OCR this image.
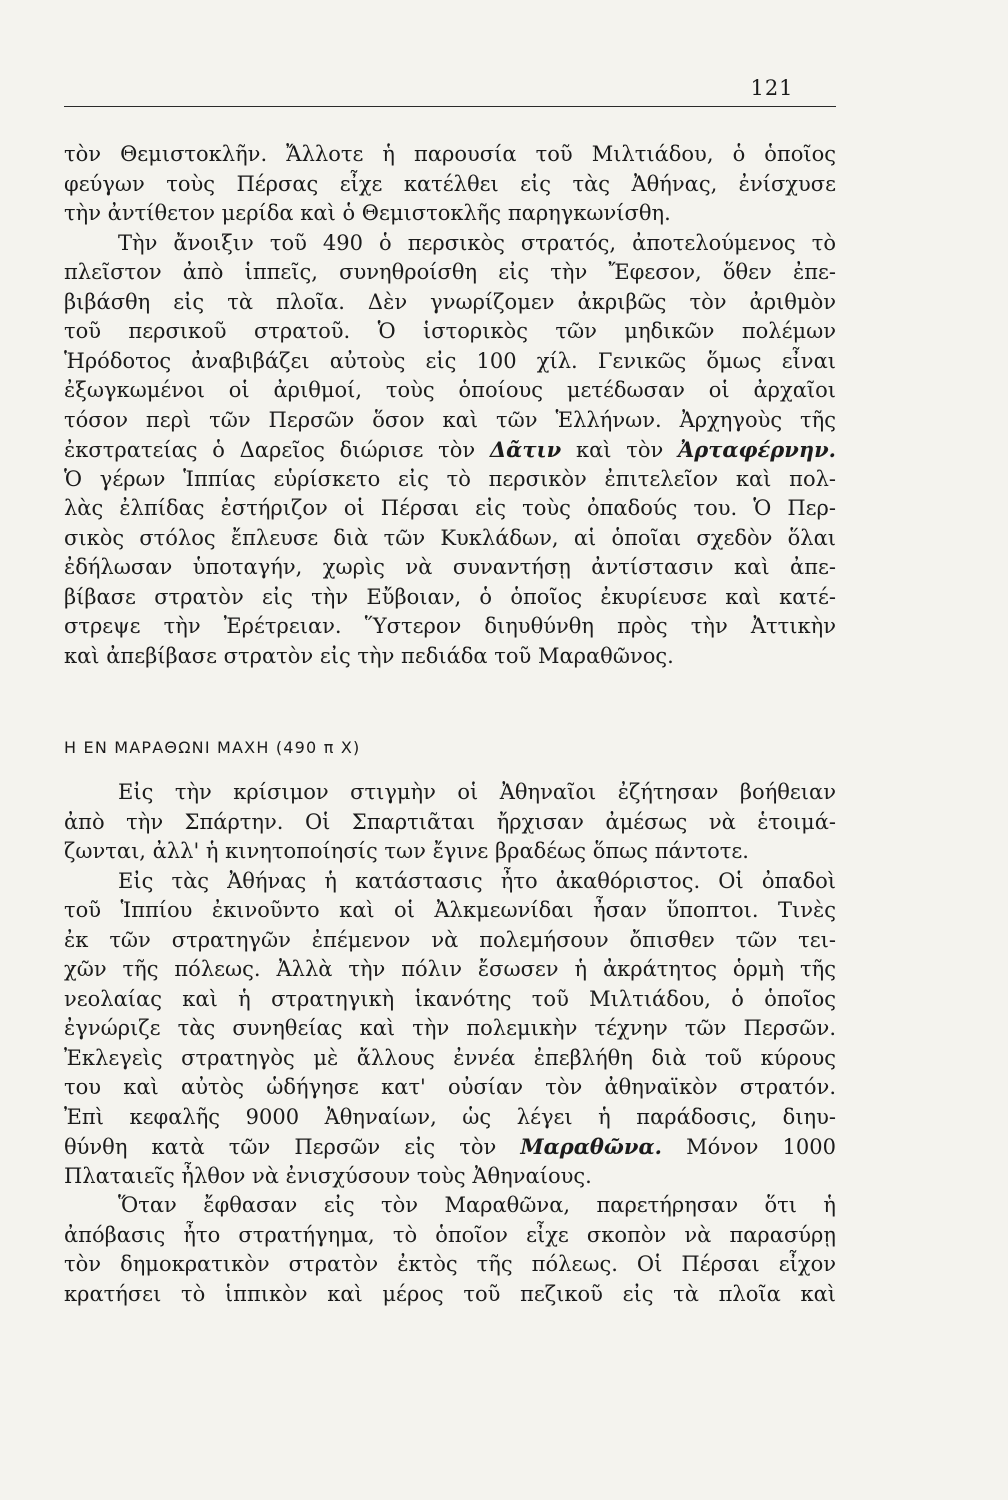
121
τὸν Θεμιστοκλῆν. Ἄλλοτε ἡ παρουσία τοῦ Μιλτιάδου, ὁ ὁποῖος
φεύγων τοὺς Πέρσας εἶχε κατέλθει εἰς τὰς Ἀθήνας, ἐνίσχυσε
τὴν ἀντίθετον μερίδα καὶ ὁ Θεμιστοκλῆς παρηγκωνίσθη.
Τὴν ἄνοιξιν τοῦ 490 ὁ περσικὸς στρατός, ἀποτελούμενος τὸ
πλεῖστον ἀπὸ ἱππεῖς, συνηθροίσθη εἰς τὴν Ἔφεσον, ὅθεν ἐπε-
βιβάσθη εἰς τὰ πλοῖα. Δὲν γνωρίζομεν ἀκριβῶς τὸν ἀριθμὸν
τοῦ περσικοῦ στρατοῦ. Ὁ ἱστορικὸς τῶν μηδικῶν πολέμων
Ἡρόδοτος ἀναβιβάζει αὐτοὺς εἰς 100 χίλ. Γενικῶς ὅμως εἶναι
ἐξωγκωμένοι οἱ ἀριθμοί, τοὺς ὁποίους μετέδωσαν οἱ ἀρχαῖοι
τόσον περὶ τῶν Περσῶν ὅσον καὶ τῶν Ἑλλήνων. Ἀρχηγοὺς τῆς
ἐκστρατείας ὁ Δαρεῖος διώρισε τὸν Δᾶτιν καὶ τὸν Ἀρταφέρνην.
Ὁ γέρων Ἱππίας εὑρίσκετο εἰς τὸ περσικὸν ἐπιτελεῖον καὶ πολ-
λὰς ἐλπίδας ἐστήριζον οἱ Πέρσαι εἰς τοὺς ὀπαδούς του. Ὁ Περ-
σικὸς στόλος ἔπλευσε διὰ τῶν Κυκλάδων, αἱ ὁποῖαι σχεδὸν ὅλαι
ἐδήλωσαν ὑποταγήν, χωρὶς νὰ συναντήσῃ ἀντίστασιν καὶ ἀπε-
βίβασε στρατὸν εἰς τὴν Εὔβοιαν, ὁ ὁποῖος ἐκυρίευσε καὶ κατέ-
στρεψε τὴν Ἐρέτρειαν. Ὕστερον διηυθύνθη πρὸς τὴν Ἀττικὴν
καὶ ἀπεβίβασε στρατὸν εἰς τὴν πεδιάδα τοῦ Μαραθῶνος.
Η ΕΝ ΜΑΡΑΘΩΝΙ ΜΑΧΗ (490 π Χ)
Εἰς τὴν κρίσιμον στιγμὴν οἱ Ἀθηναῖοι ἐζήτησαν βοήθειαν
ἀπὸ τὴν Σπάρτην. Οἱ Σπαρτιᾶται ἤρχισαν ἀμέσως νὰ ἑτοιμά-
ζωνται, ἀλλ' ἡ κινητοποίησίς των ἔγινε βραδέως ὅπως πάντοτε.
Εἰς τὰς Ἀθήνας ἡ κατάστασις ἦτο ἀκαθόριστος. Οἱ ὀπαδοὶ
τοῦ Ἱππίου ἐκινοῦντο καὶ οἱ Ἀλκμεωνίδαι ἦσαν ὕποπτοι. Τινὲς
ἐκ τῶν στρατηγῶν ἐπέμενον νὰ πολεμήσουν ὄπισθεν τῶν τει-
χῶν τῆς πόλεως. Ἀλλὰ τὴν πόλιν ἔσωσεν ἡ ἀκράτητος ὁρμὴ τῆς
νεολαίας καὶ ἡ στρατηγικὴ ἱκανότης τοῦ Μιλτιάδου, ὁ ὁποῖος
ἐγνώριζε τὰς συνηθείας καὶ τὴν πολεμικὴν τέχνην τῶν Περσῶν.
Ἐκλεγεὶς στρατηγὸς μὲ ἄλλους ἐννέα ἐπεβλήθη διὰ τοῦ κύρους
του καὶ αὐτὸς ὡδήγησε κατ' οὐσίαν τὸν ἀθηναϊκὸν στρατόν.
Ἐπὶ κεφαλῆς 9000 Ἀθηναίων, ὡς λέγει ἡ παράδοσις, διηυ-
θύνθη κατὰ τῶν Περσῶν εἰς τὸν Μαραθῶνα. Μόνον 1000
Πλαταιεῖς ἦλθον νὰ ἐνισχύσουν τοὺς Ἀθηναίους.
Ὅταν ἔφθασαν εἰς τὸν Μαραθῶνα, παρετήρησαν ὅτι ἡ
ἀπόβασις ἦτο στρατήγημα, τὸ ὁποῖον εἶχε σκοπὸν νὰ παρασύρῃ
τὸν δημοκρατικὸν στρατὸν ἐκτὸς τῆς πόλεως. Οἱ Πέρσαι εἶχον
κρατήσει τὸ ἱππικὸν καὶ μέρος τοῦ πεζικοῦ εἰς τὰ πλοῖα καὶ
